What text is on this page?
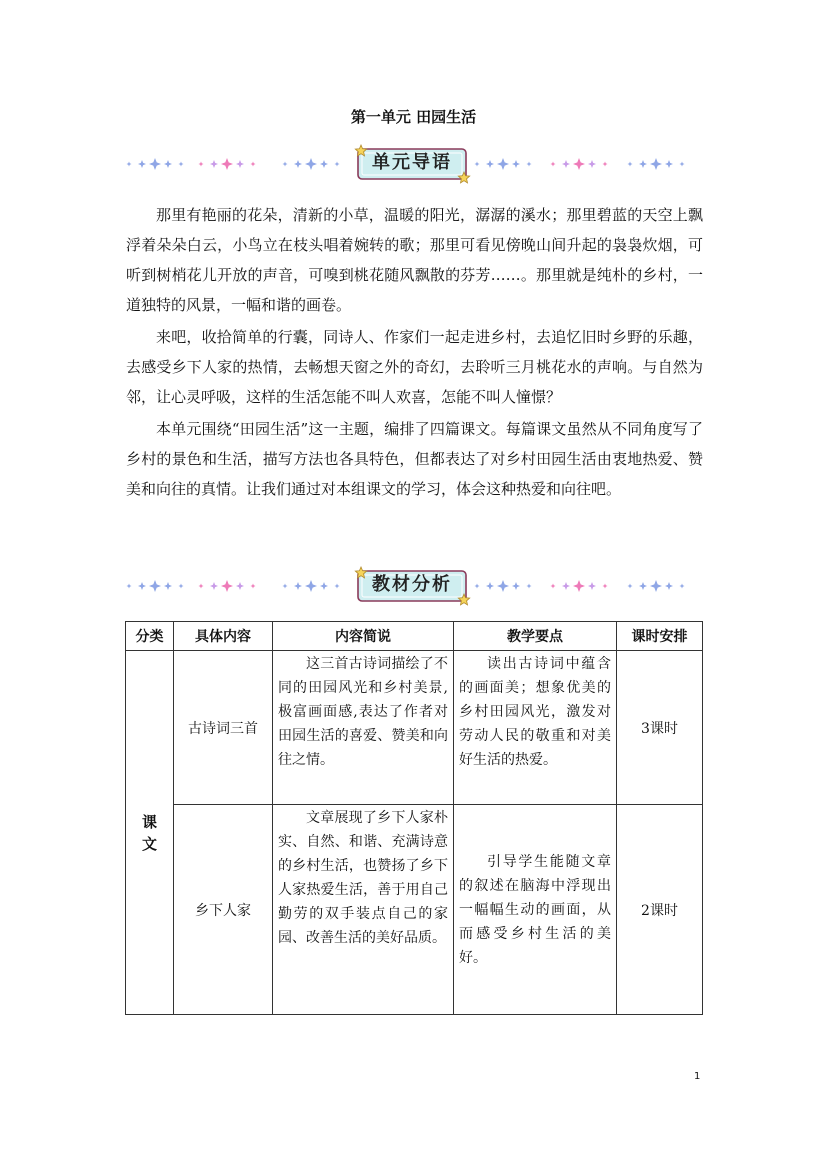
第一单元 田园生活
单元导语

那里有艳丽的花朵，清新的小草，温暖的阳光，潺潺的溪水；那里碧蓝的天空上飘浮着朵朵白云，小鸟立在枝头唱着婉转的歌；那里可看见傍晚山间升起的袅袅炊烟，可听到树梢花儿开放的声音，可嗅到桃花随风飘散的芬芳……。那里就是纯朴的乡村，一道独特的风景，一幅和谐的画卷。

来吧，收拾简单的行囊，同诗人、作家们一起走进乡村，去追忆旧时乡野的乐趣，去感受乡下人家的热情，去畅想天窗之外的奇幻，去聆听三月桃花水的声响。与自然为邻，让心灵呼吸，这样的生活怎能不叫人欢喜，怎能不叫人憧憬？

本单元围绕“田园生活”这一主题，编排了四篇课文。每篇课文虽然从不同角度写了乡村的景色和生活，描写方法也各具特色，但都表达了对乡村田园生活由衷地热爱、赞美和向往的真情。让我们通过对本组课文的学习，体会这种热爱和向往吧。

教材分析
分类	具体内容	内容简说	教学要点	课时安排
课文	古诗词三首	这三首古诗词描绘了不同的田园风光和乡村美景,极富画面感,表达了作者对田园生活的喜爱、赞美和向往之情。	读出古诗词中蕴含的画面美；想象优美的乡村田园风光，激发对劳动人民的敬重和对美好生活的热爱。	3课时
	乡下人家	文章展现了乡下人家朴实、自然、和谐、充满诗意的乡村生活，也赞扬了乡下人家热爱生活，善于用自己勤劳的双手装点自己的家园、改善生活的美好品质。	引导学生能随文章的叙述在脑海中浮现出一幅幅生动的画面，从而感受乡村生活的美好。	2课时
1
